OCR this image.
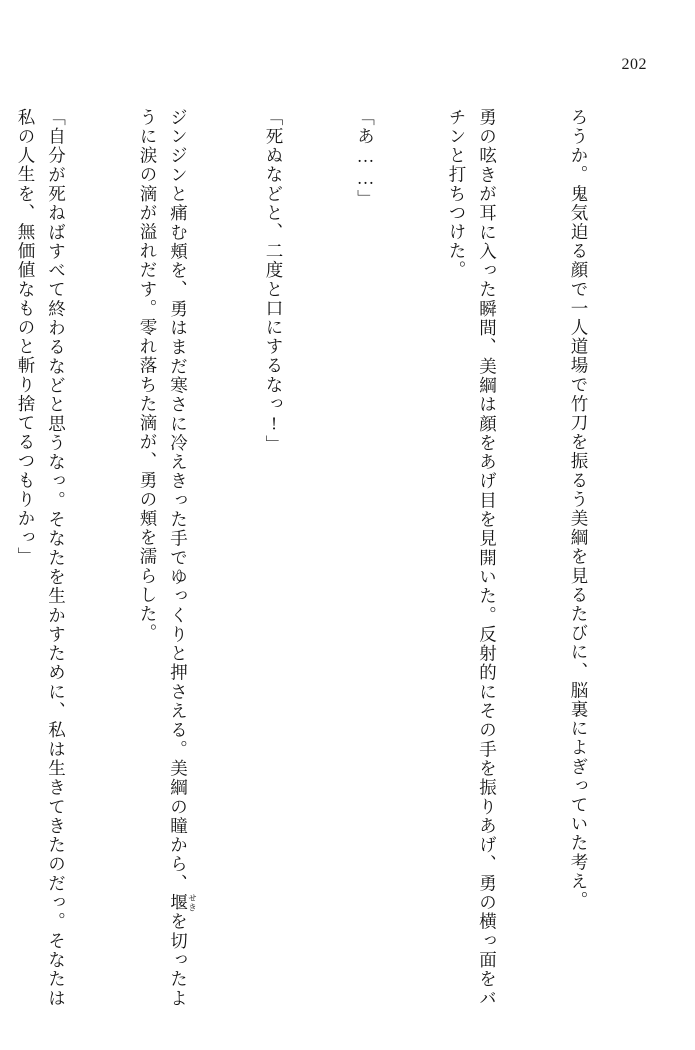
202

ろうか。鬼気迫る顔で一人道場で竹刀を振るう美綱を見るたびに、脳裏によぎっていた考え。

勇の呟きが耳に入った瞬間、美綱は顔をあげ目を見開いた。反射的にその手を振りあげ、勇の横っ面をバチンと打ちつけた。

「あ……」

「死ぬなどと、二度と口にするなっ!」

ジンジンと痛む頬を、勇はまだ寒さに冷えきった手でゆっくりと押さえる。美綱の瞳から、堰 せきを切ったように涙の滴が溢れだす。零れ落ちた滴が、勇の頬を濡らした。

「自分が死ねばすべて終わるなどと思うなっ。そなたを生かすために、私は生きてきたのだっ。そなたは私の人生を、無価値なものと斬り捨てるつもりかっ」
